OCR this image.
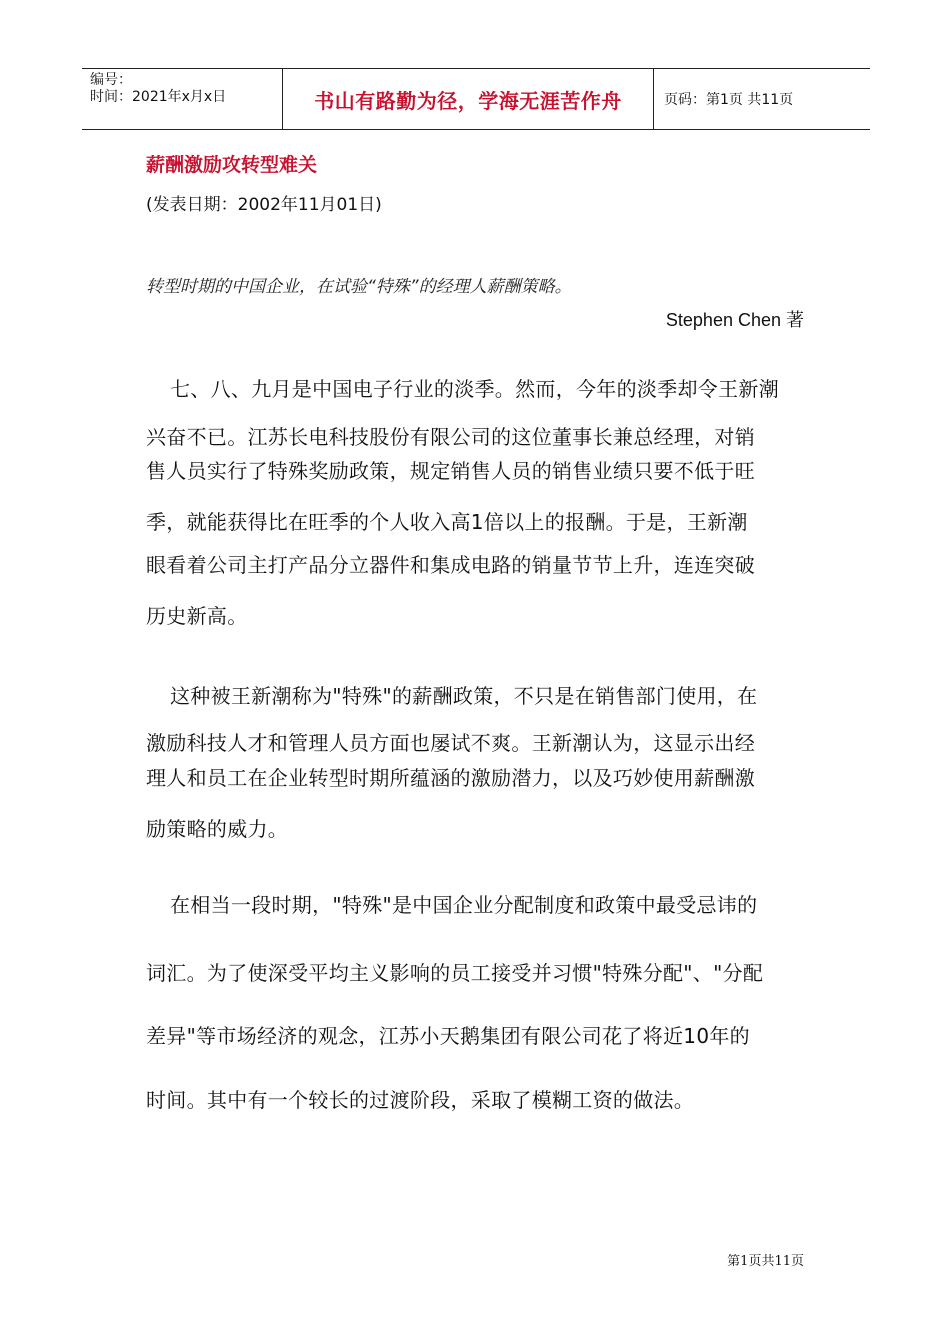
编号：
时间：2021年x月x日	书山有路勤为径，学海无涯苦作舟	页码：第1页 共11页
薪酬激励攻转型难关
(发表日期：2002年11月01日)
转型时期的中国企业，在试验“特殊”的经理人薪酬策略。
Stephen Chen 著
七、八、九月是中国电子行业的淡季。然而，今年的淡季却令王新潮
兴奋不已。江苏长电科技股份有限公司的这位董事长兼总经理，对销
售人员实行了特殊奖励政策，规定销售人员的销售业绩只要不低于旺
季，就能获得比在旺季的个人收入高1倍以上的报酬。于是，王新潮
眼看着公司主打产品分立器件和集成电路的销量节节上升，连连突破
历史新高。
这种被王新潮称为"特殊"的薪酬政策，不只是在销售部门使用，在
激励科技人才和管理人员方面也屡试不爽。王新潮认为，这显示出经
理人和员工在企业转型时期所蕴涵的激励潜力，以及巧妙使用薪酬激
励策略的威力。
在相当一段时期，"特殊"是中国企业分配制度和政策中最受忌讳的
词汇。为了使深受平均主义影响的员工接受并习惯"特殊分配"、"分配
差异"等市场经济的观念，江苏小天鹅集团有限公司花了将近10年的
时间。其中有一个较长的过渡阶段，采取了模糊工资的做法。
第1页共11页
